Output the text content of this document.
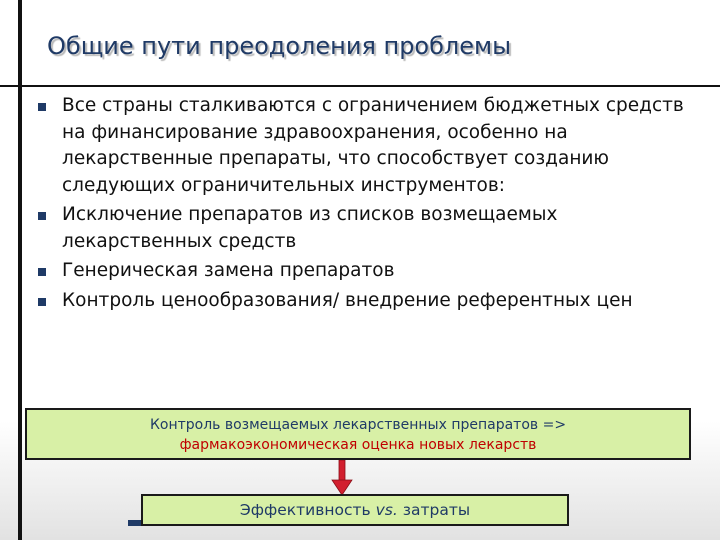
Общие пути преодоления проблемы
Все страны сталкиваются с ограничением бюджетных средств на финансирование здравоохранения, особенно на лекарственные препараты, что способствует созданию следующих ограничительных инструментов:
Исключение препаратов из списков возмещаемых лекарственных средств
Генерическая замена препаратов
Контроль ценообразования/ внедрение референтных цен
Контроль возмещаемых лекарственных препаратов =>
фармакоэкономическая оценка новых лекарств
Эффективность vs. затраты
